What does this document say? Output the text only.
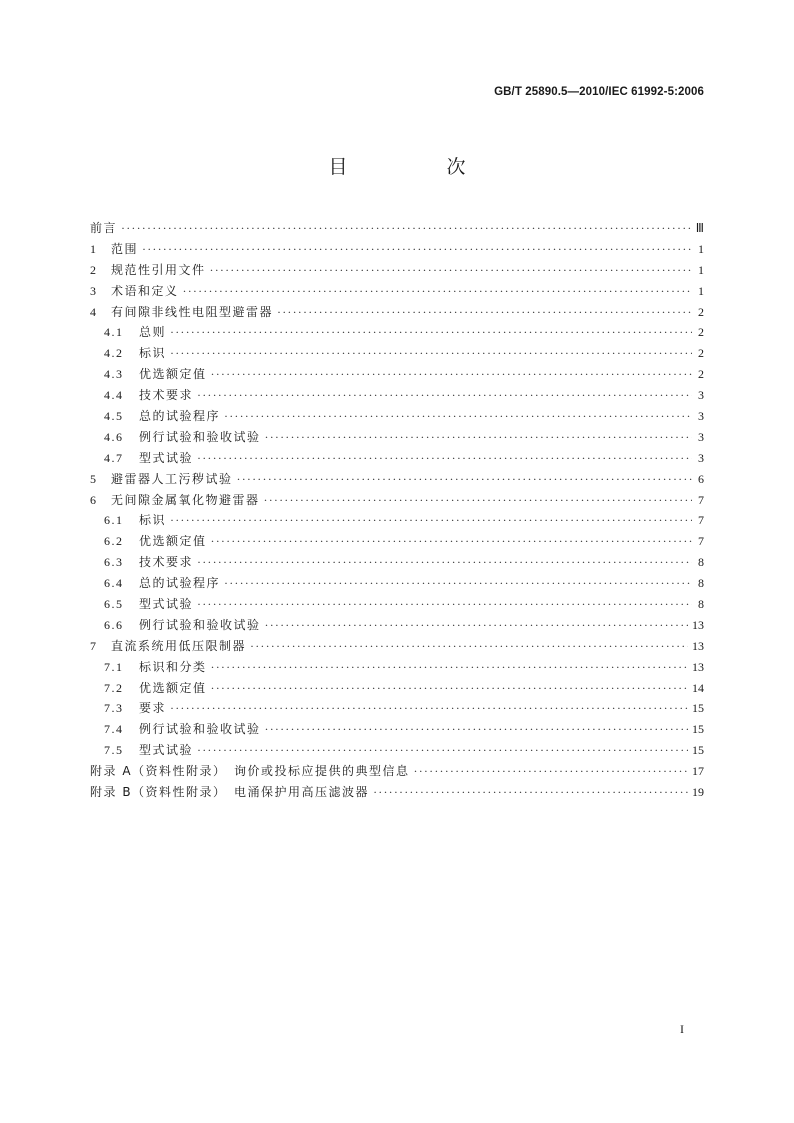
GB/T 25890.5—2010/IEC 61992-5:2006
目　次
前言 ·····	Ⅲ
1	范围 ·····	1
2	规范性引用文件 ·····	1
3	术语和定义 ·····	1
4	有间隙非线性电阻型避雷器 ·····	2
4.1	总则 ·····	2
4.2	标识 ·····	2
4.3	优选额定值 ·····	2
4.4	技术要求 ·····	3
4.5	总的试验程序 ·····	3
4.6	例行试验和验收试验 ·····	3
4.7	型式试验 ·····	3
5	避雷器人工污秽试验 ·····	6
6	无间隙金属氧化物避雷器 ·····	7
6.1	标识 ·····	7
6.2	优选额定值 ·····	7
6.3	技术要求 ·····	8
6.4	总的试验程序 ·····	8
6.5	型式试验 ·····	8
6.6	例行试验和验收试验 ·····	13
7	直流系统用低压限制器 ·····	13
7.1	标识和分类 ·····	13
7.2	优选额定值 ·····	14
7.3	要求 ·····	15
7.4	例行试验和验收试验 ·····	15
7.5	型式试验 ·····	15
附录 A（资料性附录）　询价或投标应提供的典型信息 ·····	17
附录 B（资料性附录）　电涌保护用高压滤波器 ·····	19
I
